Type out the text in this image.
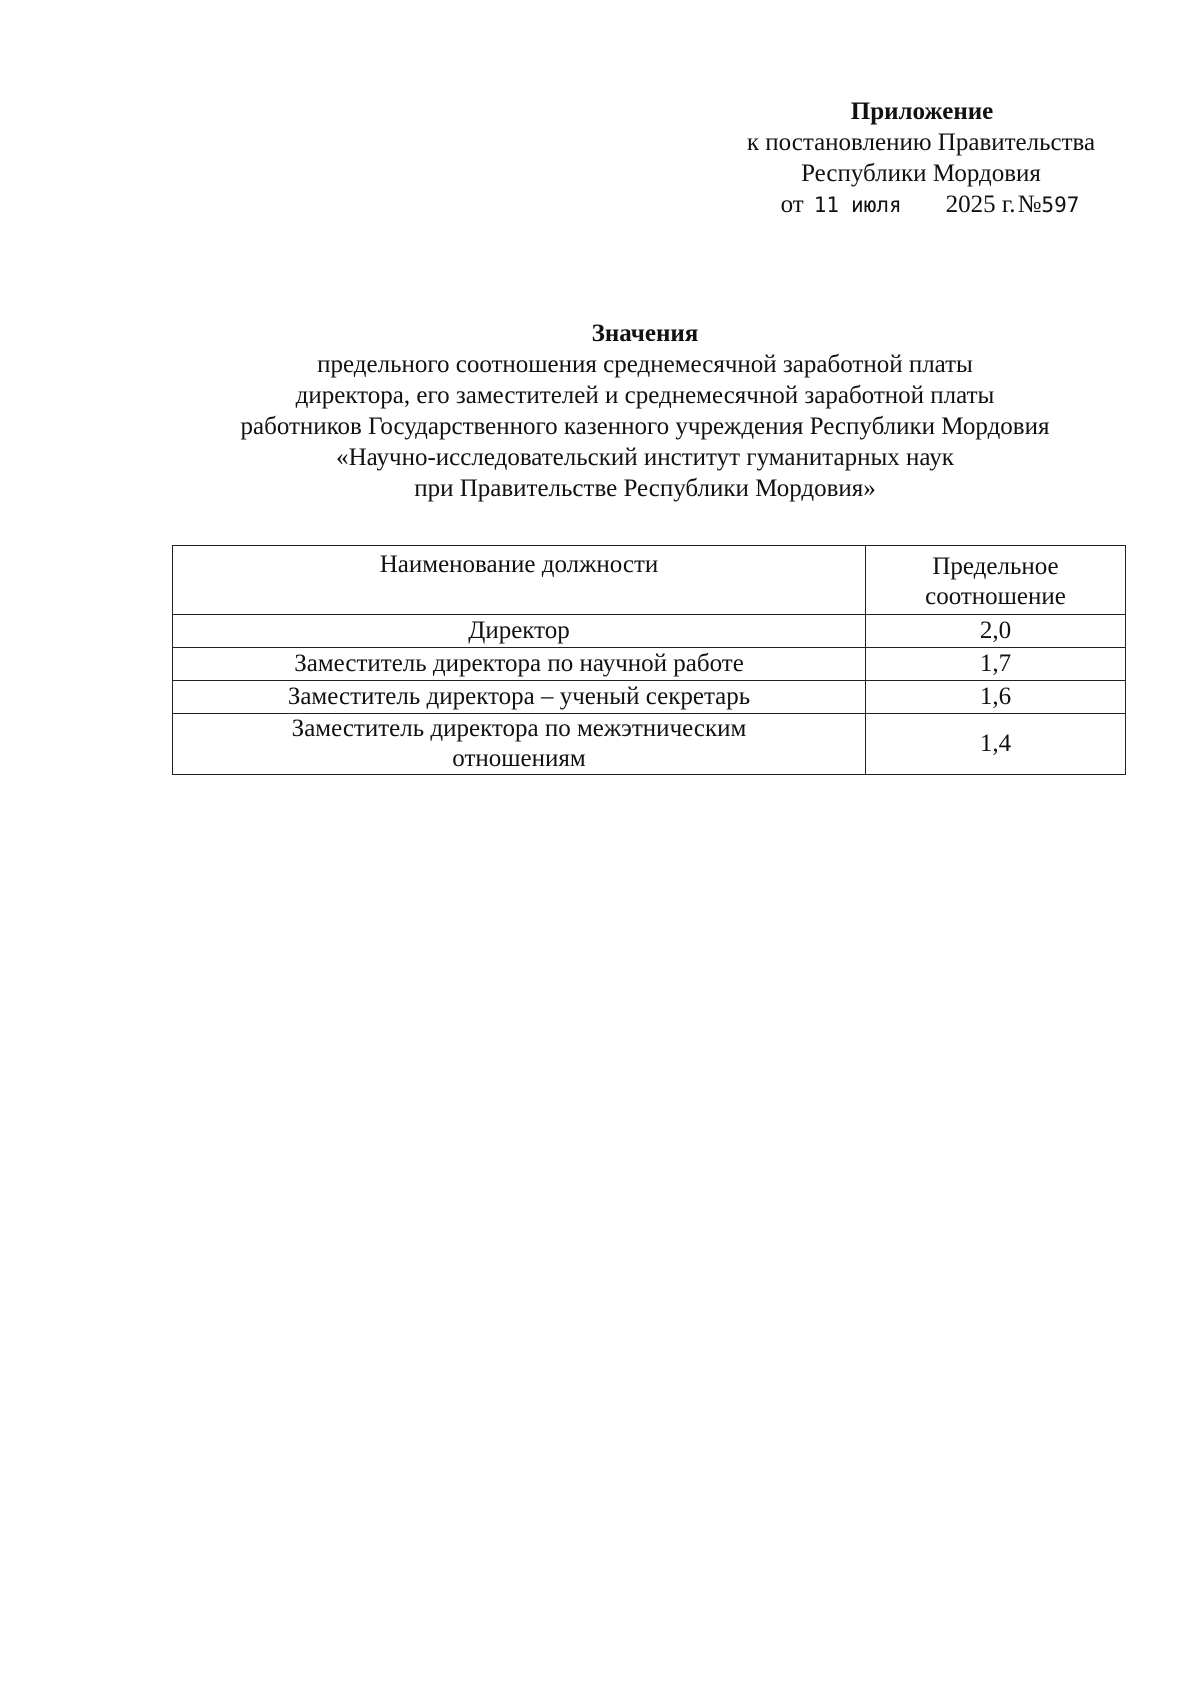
Приложение
к постановлению Правительства
Республики Мордовия
от 11 июля 2025 г. № 597
Значения
предельного соотношения среднемесячной заработной платы
директора, его заместителей и среднемесячной заработной платы
работников Государственного казенного учреждения Республики Мордовия
«Научно-исследовательский институт гуманитарных наук
при Правительстве Республики Мордовия»
Наименование должности	Предельное
соотношение

Директор	2,0
Заместитель директора по научной работе	1,7
Заместитель директора – ученый секретарь	1,6

Заместитель директора по межэтническим
отношениям	1,4
